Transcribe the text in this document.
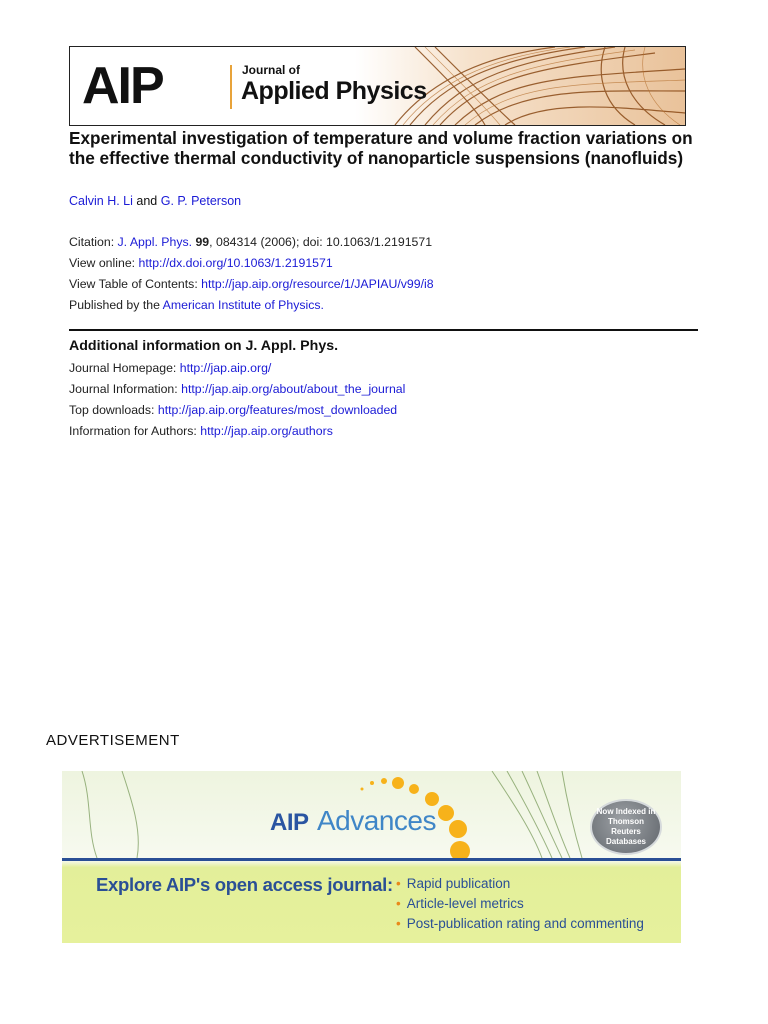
AIP	Journal of
Applied Physics
Experimental investigation of temperature and volume fraction variations on the effective thermal conductivity of nanoparticle suspensions (nanofluids)
Calvin H. Li and G. P. Peterson
Citation: J. Appl. Phys. 99, 084314 (2006); doi: 10.1063/1.2191571
View online: http://dx.doi.org/10.1063/1.2191571
View Table of Contents: http://jap.aip.org/resource/1/JAPIAU/v99/i8
Published by the American Institute of Physics.
Additional information on J. Appl. Phys.
Journal Homepage: http://jap.aip.org/
Journal Information: http://jap.aip.org/about/about_the_journal
Top downloads: http://jap.aip.org/features/most_downloaded
Information for Authors: http://jap.aip.org/authors
ADVERTISEMENT
AIP Advances	Now Indexed in Thomson Reuters Databases
Explore AIP's open access journal: • Rapid publication
• Article-level metrics
• Post-publication rating and commenting
